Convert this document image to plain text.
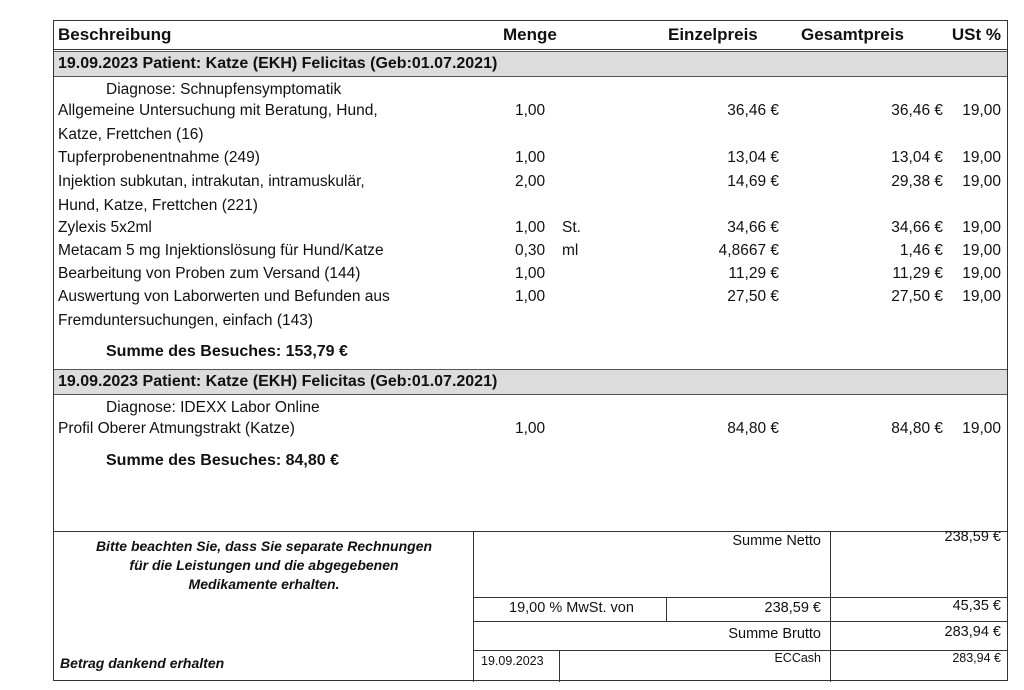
Beschreibung	Menge	Einzelpreis	Gesamtpreis	USt %
19.09.2023 Patient: Katze (EKH) Felicitas (Geb:01.07.2021)
Diagnose: Schnupfensymptomatik
Allgemeine Untersuchung mit Beratung, Hund,	1,00	36,46 €	36,46 € 19,00
Katze, Frettchen (16)
Tupferprobenentnahme (249)	1,00	13,04 €	13,04 € 19,00
Injektion subkutan, intrakutan, intramuskulär,	2,00	14,69 €	29,38 € 19,00
Hund, Katze, Frettchen (221)
Zylexis 5x2ml	1,00 St.	34,66 €	34,66 € 19,00
Metacam 5 mg Injektionslösung für Hund/Katze	0,30 ml	4,8667 €	1,46 € 19,00
Bearbeitung von Proben zum Versand (144)	1,00	11,29 €	11,29 € 19,00
Auswertung von Laborwerten und Befunden aus	1,00	27,50 €	27,50 € 19,00
Fremduntersuchungen, einfach (143)
Summe des Besuches: 153,79 €
19.09.2023 Patient: Katze (EKH) Felicitas (Geb:01.07.2021)
Diagnose: IDEXX Labor Online
Profil Oberer Atmungstrakt (Katze)	1,00	84,80 €	84,80 € 19,00
Summe des Besuches: 84,80 €
Bitte beachten Sie, dass Sie separate Rechnungen für die Leistungen und die abgegebenen Medikamente erhalten.
Betrag dankend erhalten
Summe Netto	238,59 €
19,00 % MwSt. von	238,59 €	45,35 €
Summe Brutto	283,94 €
19.09.2023	ECCash	283,94 €
